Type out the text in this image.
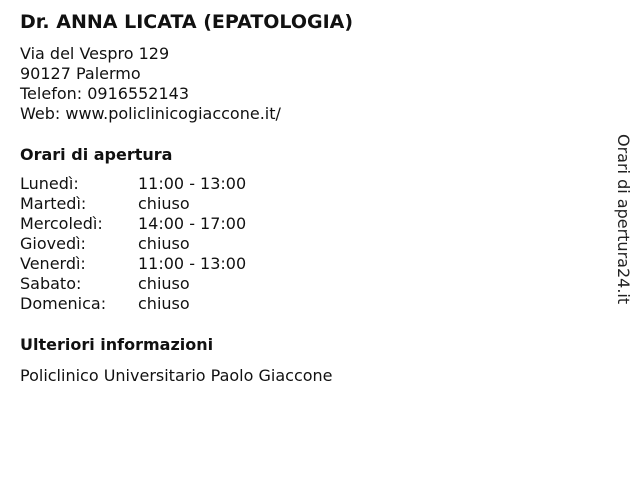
Dr. ANNA LICATA (EPATOLOGIA)
Via del Vespro 129
90127 Palermo
Telefon: 0916552143
Web: www.policlinicogiaccone.it/
Orari di apertura
Lunedì:	11:00 - 13:00
Martedì:	chiuso
Mercoledì: 14:00 - 17:00
Giovedì:	chiuso
Venerdì:	11:00 - 13:00
Sabato:	chiuso
Domenica: chiuso
Ulteriori informazioni
Policlinico Universitario Paolo Giaccone
Orari di apertura24.it
